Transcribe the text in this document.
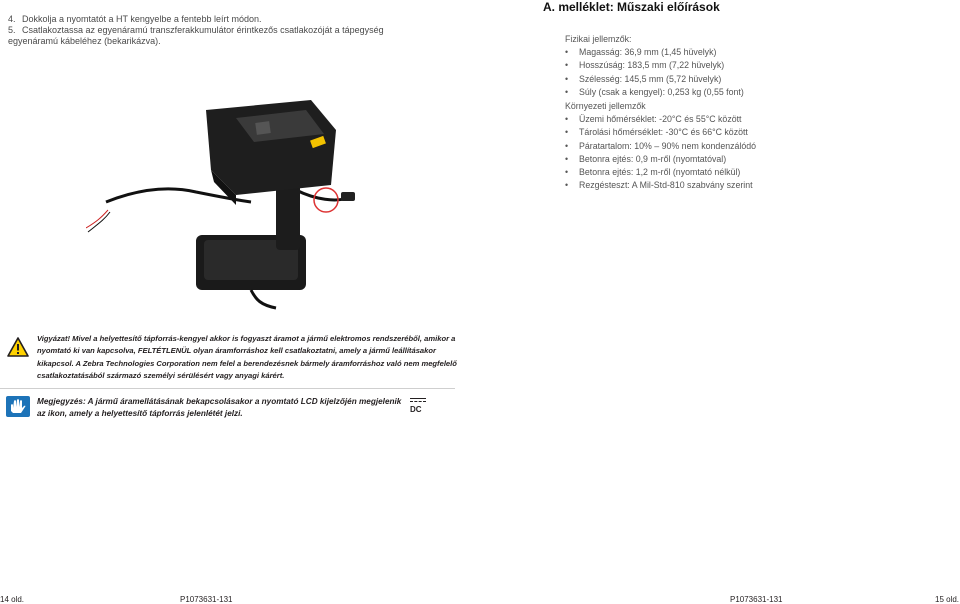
4. Dokkolja a nyomtatót a HT kengyelbe a fentebb leírt módon.
5. Csatlakoztassa az egyenáramú transzferakkumulátor érintkezős csatlakozóját a tápegység
egyenáramú kábeléhez (bekarikázva).
A. melléklet: Műszaki előírások

Fizikai jellemzők:

• Magasság: 36,9 mm (1,45 hüvelyk)
• Hosszúság: 183,5 mm (7,22 hüvelyk)
• Szélesség: 145,5 mm (5,72 hüvelyk)
• Súly (csak a kengyel): 0,253 kg (0,55 font)

Környezeti jellemzők

• Üzemi hőmérséklet: -20°C és 55°C között
• Tárolási hőmérséklet: -30°C és 66°C között
• Páratartalom: 10% – 90% nem kondenzálódó
• Betonra ejtés: 0,9 m-ről (nyomtatóval)
• Betonra ejtés: 1,2 m-ről (nyomtató nélkül)
• Rezgésteszt: A Mil-Std-810 szabvány szerint
Vigyázat! Mivel a helyettesítő tápforrás-kengyel akkor is fogyaszt áramot a jármű elektromos rendszeréből, amikor a nyomtató ki van kapcsolva, FELTÉTLENÜL olyan áramforráshoz kell csatlakoztatni, amely a jármű leállításakor kikapcsol. A Zebra Technologies Corporation nem felel a berendezésnek bármely áramforráshoz való nem megfelelő csatlakoztatásából származó személyi sérülésért vagy anyagi kárért.
Megjegyzés: A jármű áramellátásának bekapcsolásakor a nyomtató LCD kijelzőjén megjelenik az ikon, amely a helyettesítő tápforrás jelenlétét jelzi.	DC
14 old.	P1073631-131	P1073631-131	15 old.
